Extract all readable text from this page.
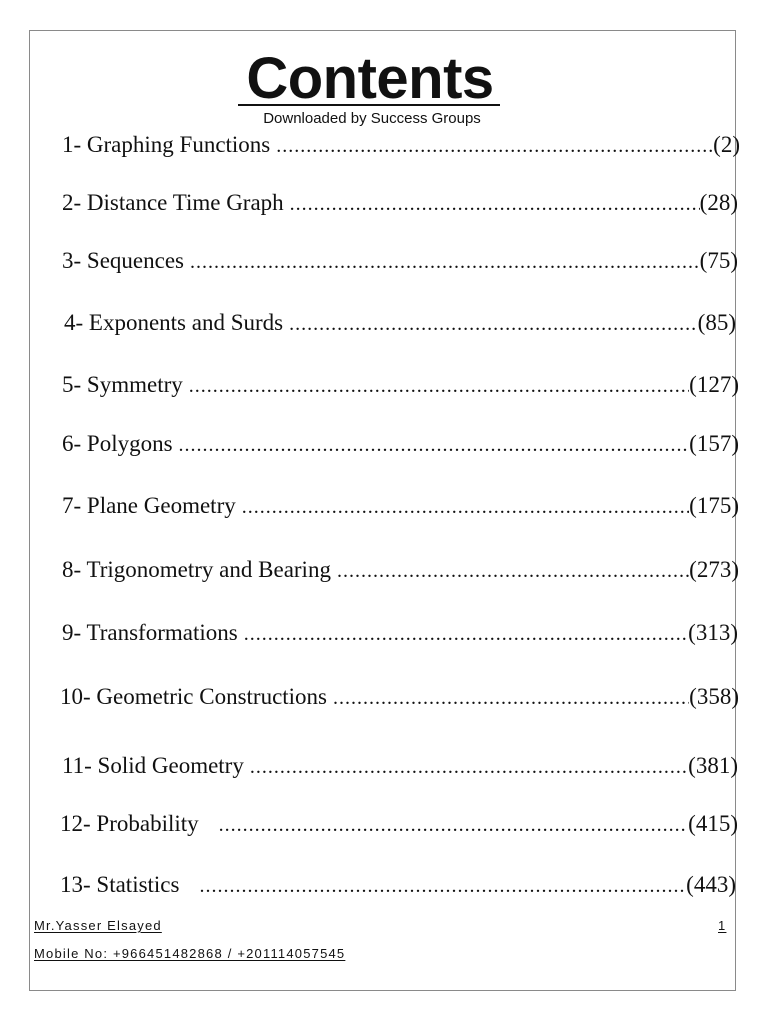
Contents
Downloaded by Success Groups
1- Graphing Functions .....	(2)
2- Distance Time Graph .....	(28)
3- Sequences .....	(75)
4- Exponents and Surds .....	(85)
5- Symmetry .....	(127)
6- Polygons .....	(157)
7- Plane Geometry .....	(175)
8- Trigonometry and Bearing .....	(273)
9- Transformations .....	(313)
10- Geometric Constructions .....	(358)
11- Solid Geometry .....	(381)
12- Probability .....	(415)
13- Statistics .....	(443)
Mr.Yasser Elsayed	1
Mobile No: +966451482868 / +201114057545
